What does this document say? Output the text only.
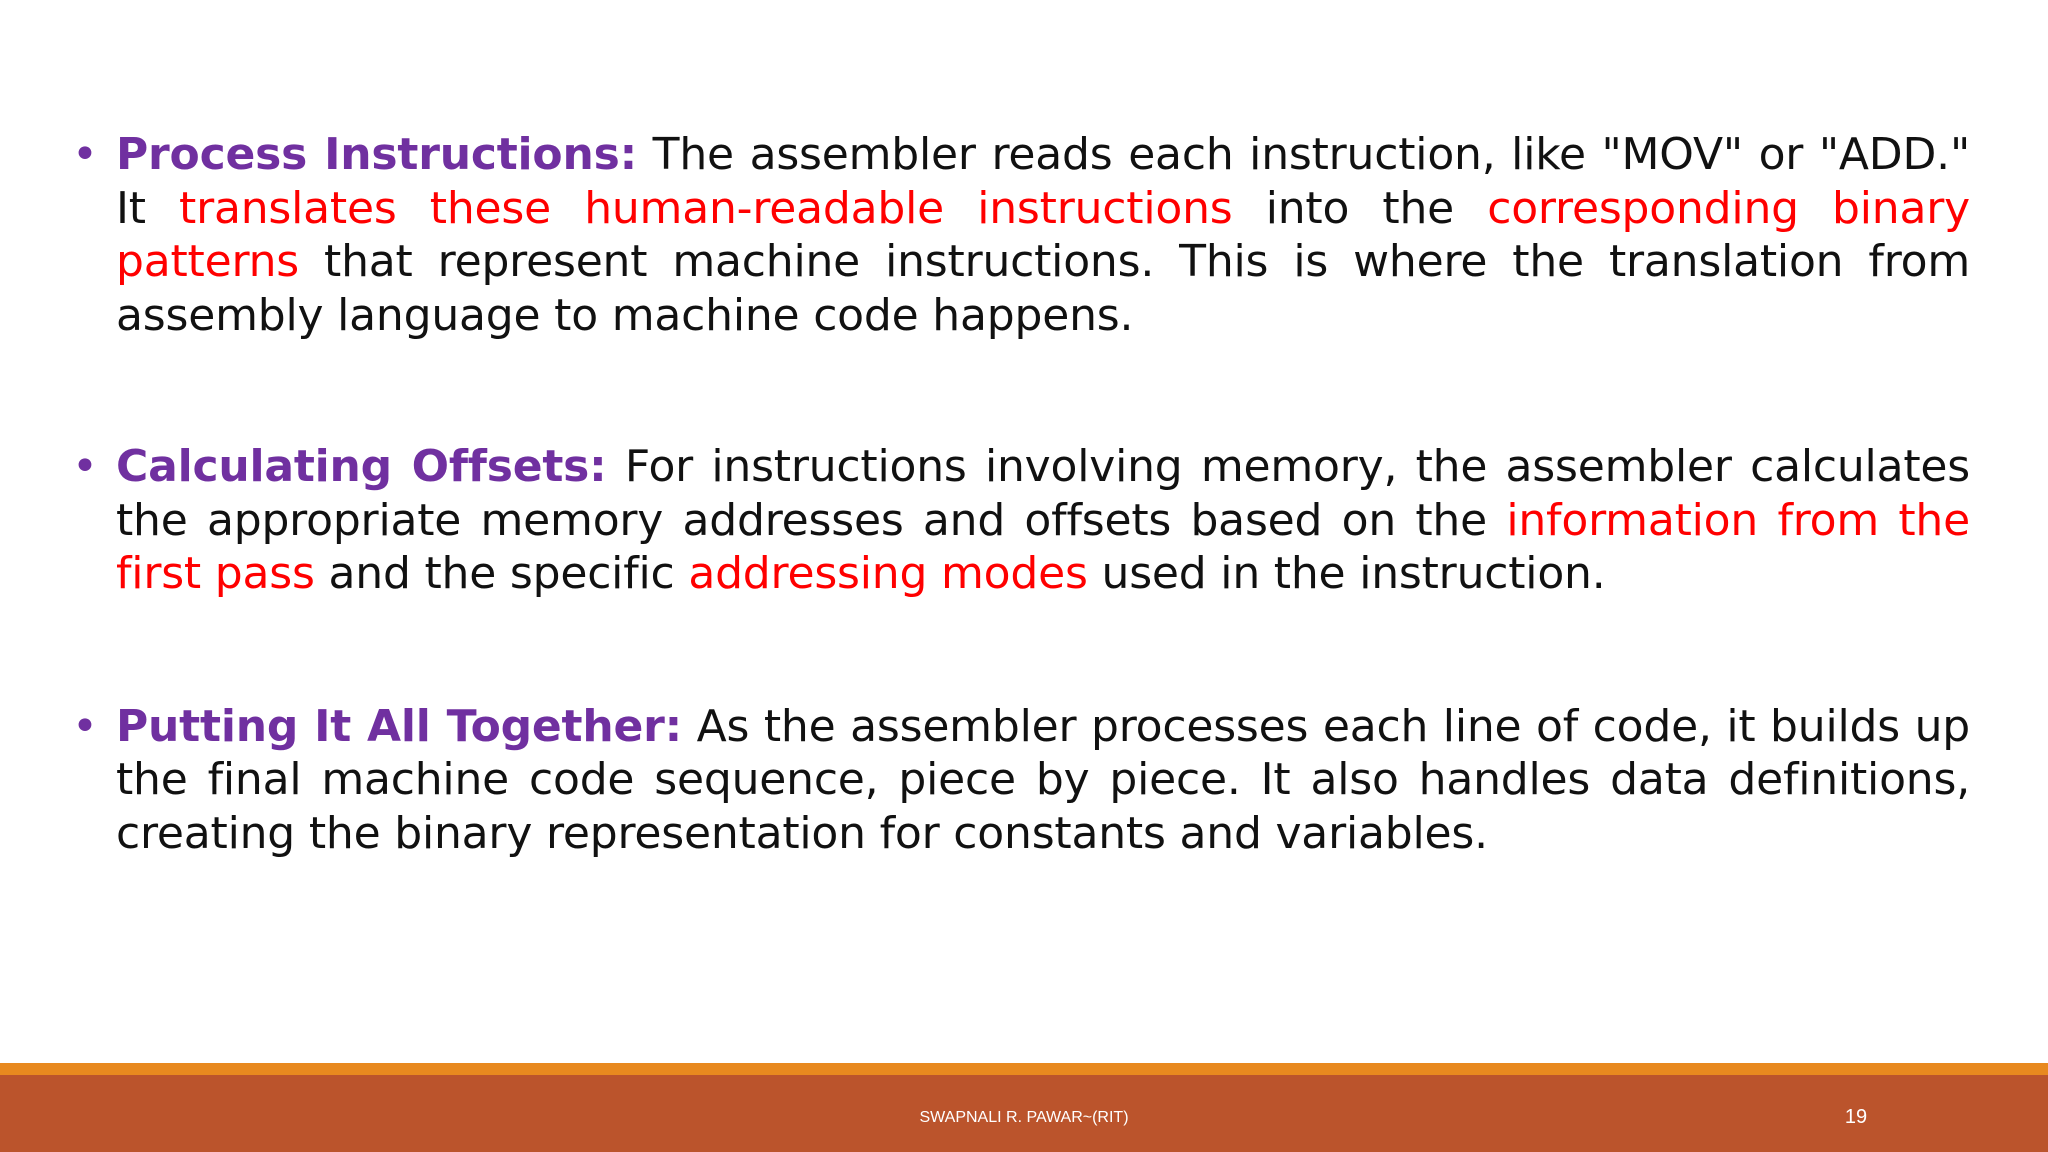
• Process Instructions: The assembler reads each instruction, like "MOV" or "ADD." It translates these human-readable instructions into the corresponding binary patterns that represent machine instructions. This is where the translation from assembly language to machine code happens.
• Calculating Offsets: For instructions involving memory, the assembler calculates the appropriate memory addresses and offsets based on the information from the first pass and the specific addressing modes used in the instruction.
• Putting It All Together: As the assembler processes each line of code, it builds up the final machine code sequence, piece by piece. It also handles data definitions, creating the binary representation for constants and variables.
SWAPNALI R. PAWAR~(RIT)	19
